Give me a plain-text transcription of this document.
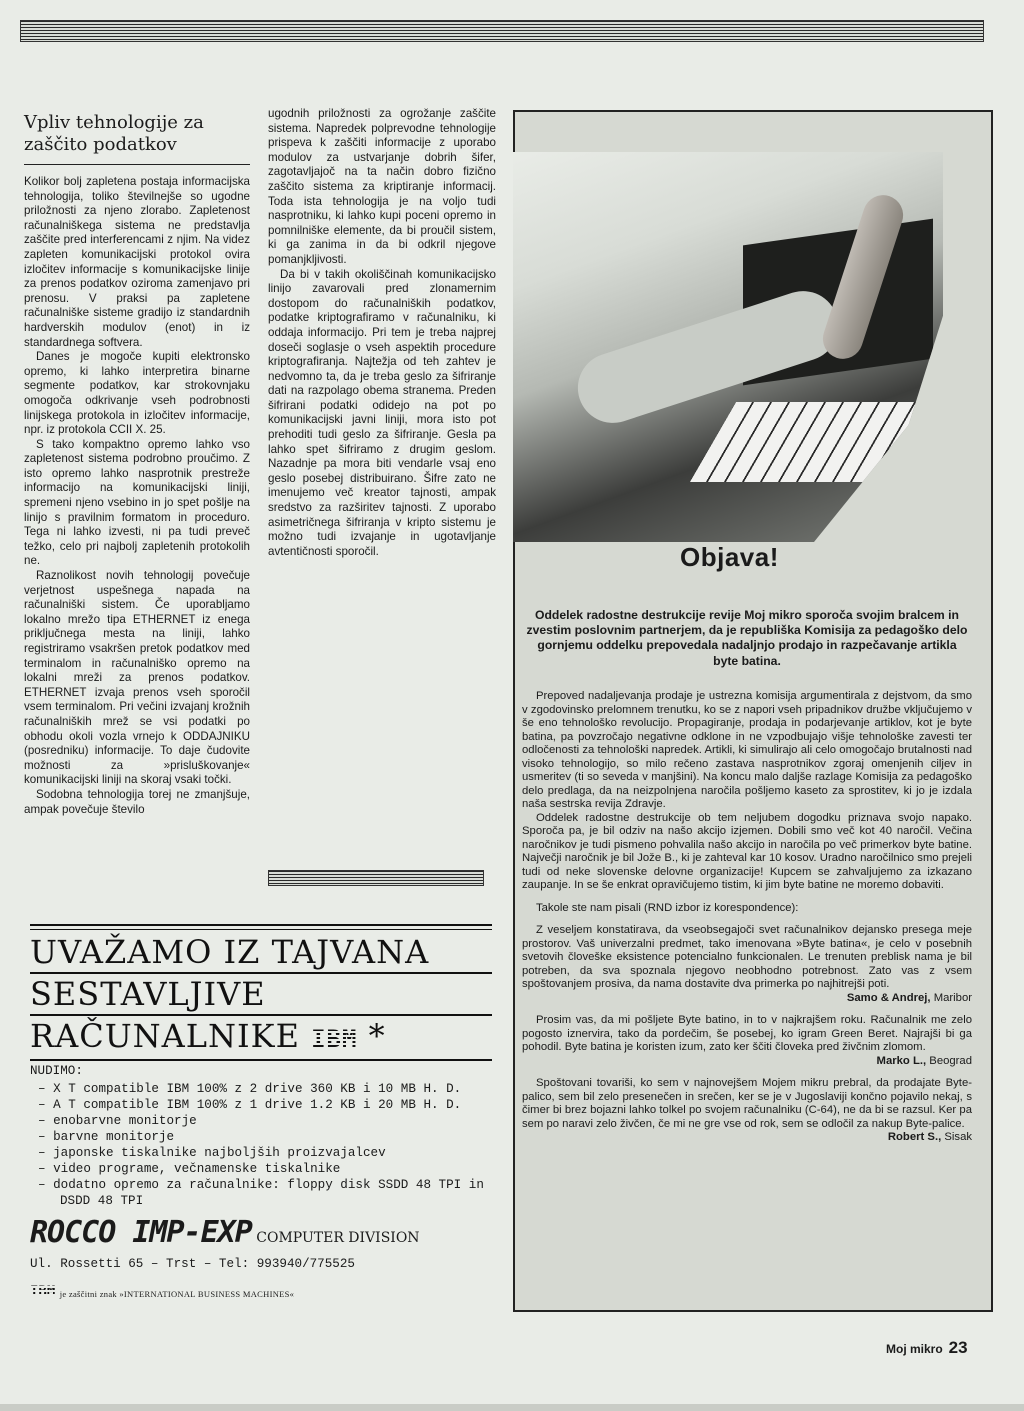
Vpliv tehnologije za zaščito podatkov

Kolikor bolj zapletena postaja informacijska tehnologija, toliko številnejše so ugodne priložnosti za njeno zlorabo. Zapletenost računalniškega sistema ne predstavlja zaščite pred interferencami z njim. Na videz zapleten komunikacijski protokol ovira izločitev informacije s komunikacijske linije za prenos podatkov oziroma zamenjavo pri prenosu. V praksi pa zapletene računalniške sisteme gradijo iz standardnih hardverskih modulov (enot) in iz standardnega softvera.

Danes je mogoče kupiti elektronsko opremo, ki lahko interpretira binarne segmente podatkov, kar strokovnjaku omogoča odkrivanje vseh podrobnosti linijskega protokola in izločitev informacije, npr. iz protokola CCII X. 25.

S tako kompaktno opremo lahko vso zapletenost sistema podrobno proučimo. Z isto opremo lahko nasprotnik prestreže informacijo na komunikacijski liniji, spremeni njeno vsebino in jo spet pošlje na linijo s pravilnim formatom in proceduro. Tega ni lahko izvesti, ni pa tudi preveč težko, celo pri najbolj zapletenih protokolih ne.

Raznolikost novih tehnologij povečuje verjetnost uspešnega napada na računalniški sistem. Če uporabljamo lokalno mrežo tipa ETHERNET iz enega priključnega mesta na liniji, lahko registriramo vsakršen pretok podatkov med terminalom in računalniško opremo na lokalni mreži za prenos podatkov. ETHERNET izvaja prenos vseh sporočil vsem terminalom. Pri večini izvajanj krožnih računalniških mrež se vsi podatki po obhodu okoli vozla vrnejo k ODDAJNIKU (posredniku) informacije. To daje čudovite možnosti za »prisluškovanje« komunikacijski liniji na skoraj vsaki točki.

Sodobna tehnologija torej ne zmanjšuje, ampak povečuje število

ugodnih priložnosti za ogrožanje zaščite sistema. Napredek polprevodne tehnologije prispeva k zaščiti informacije z uporabo modulov za ustvarjanje dobrih šifer, zagotavljajoč na ta način dobro fizično zaščito sistema za kriptiranje informacij. Toda ista tehnologija je na voljo tudi nasprotniku, ki lahko kupi poceni opremo in pomnilniške elemente, da bi proučil sistem, ki ga zanima in da bi odkril njegove pomanjkljivosti.

Da bi v takih okoliščinah komunikacijsko linijo zavarovali pred zlonamernim dostopom do računalniških podatkov, podatke kriptografiramo v računalniku, ki oddaja informacijo. Pri tem je treba najprej doseči soglasje o vseh aspektih procedure kriptografiranja. Najtežja od teh zahtev je nedvomno ta, da je treba geslo za šifriranje dati na razpolago obema stranema. Preden šifrirani podatki odidejo na pot po komunikacijski javni liniji, mora isto pot prehoditi tudi geslo za šifriranje. Gesla pa lahko spet šifriramo z drugim geslom. Nazadnje pa mora biti vendarle vsaj eno geslo posebej distribuirano. Šifre zato ne imenujemo več kreator tajnosti, ampak sredstvo za razširitev tajnosti. Z uporabo asimetričnega šifriranja v kripto sistemu je možno tudi izvajanje in ugotavljanje avtentičnosti sporočil.	Objava!
Oddelek radostne destrukcije revije Moj mikro sporoča svojim bralcem in zvestim poslovnim partnerjem, da je republiška Komisija za pedagoško delo gornjemu oddelku prepovedala nadaljnjo prodajo in razpečavanje artikla byte batina.

Prepoved nadaljevanja prodaje je ustrezna komisija argumentirala z dejstvom, da smo v zgodovinsko prelomnem trenutku, ko se z napori vseh pripadnikov družbe vključujemo v še eno tehnološko revolucijo. Propagiranje, prodaja in podarjevanje artiklov, kot je byte batina, pa povzročajo negativne odklone in ne vzpodbujajo višje tehnološke zavesti ter odločenosti za tehnološki napredek. Artikli, ki simulirajo ali celo omogočajo brutalnosti nad visoko tehnologijo, so milo rečeno zastava nasprotnikov zgoraj omenjenih ciljev in usmeritev (ti so seveda v manjšini). Na koncu malo daljše razlage Komisija za pedagoško delo predlaga, da na neizpolnjena naročila pošljemo kaseto za sprostitev, ki jo je izdala naša sestrska revija Zdravje.

Oddelek radostne destrukcije ob tem neljubem dogodku priznava svojo napako. Sporoča pa, je bil odziv na našo akcijo izjemen. Dobili smo več kot 40 naročil. Večina naročnikov je tudi pismeno pohvalila našo akcijo in naročila po več primerkov byte batine. Največji naročnik je bil Jože B., ki je zahteval kar 10 kosov. Uradno naročilnico smo prejeli tudi od neke slovenske delovne organizacije! Kupcem se zahvaljujemo za izkazano zaupanje. In se še enkrat opravičujemo tistim, ki jim byte batine ne moremo dobaviti.

Takole ste nam pisali (RND izbor iz korespondence):

Z veseljem konstatirava, da vseobsegajoči svet računalnikov dejansko presega meje prostorov. Vaš univerzalni predmet, tako imenovana »Byte batina«, je celo v posebnih svetovih človeške eksistence potencialno funkcionalen. Le trenuten preblisk nama je bil potreben, da sva spoznala njegovo neobhodno potrebnost. Zato vas z vsem spoštovanjem prosiva, da nama dostavite dva primerka po najhitrejši poti.

Samo & Andrej, Maribor

Prosim vas, da mi pošljete Byte batino, in to v najkrajšem roku. Računalnik me zelo pogosto iznervira, tako da pordečim, še posebej, ko igram Green Beret. Najrajši bi ga pohodil. Byte batina je koristen izum, zato ker ščiti človeka pred živčnim zlomom.

Marko L., Beograd

Spoštovani tovariši, ko sem v najnovejšem Mojem mikru prebral, da prodajate Byte-palico, sem bil zelo presenečen in srečen, ker se je v Jugoslaviji končno pojavilo nekaj, s čimer bi brez bojazni lahko tolkel po svojem računalniku (C-64), ne da bi se razsul. Ker pa sem po naravi zelo živčen, če mi ne gre vse od rok, sem se odločil za nakup Byte-palice.

Robert S., Sisak

UVAŽAMO IZ TAJVANA
SESTAVLJIVE
RAČUNALNIKE IBM *
NUDIMO:
– X T compatible IBM 100% z 2 drive 360 KB i 10 MB H. D.
– A T compatible IBM 100% z 1 drive 1.2 KB i 20 MB H. D.
– enobarvne monitorje
– barvne monitorje
– japonske tiskalnike najboljših proizvajalcev
– video programe, večnamenske tiskalnike
– dodatno opremo za računalnike: floppy disk SSDD 48 TPI in DSDD 48 TPI
ROCCO IMP-EXP COMPUTER DIVISION
Ul. Rossetti 65 – Trst – Tel: 993940/775525
IBM je zaščitni znak »INTERNATIONAL BUSINESS MACHINES«
Moj mikro 23
